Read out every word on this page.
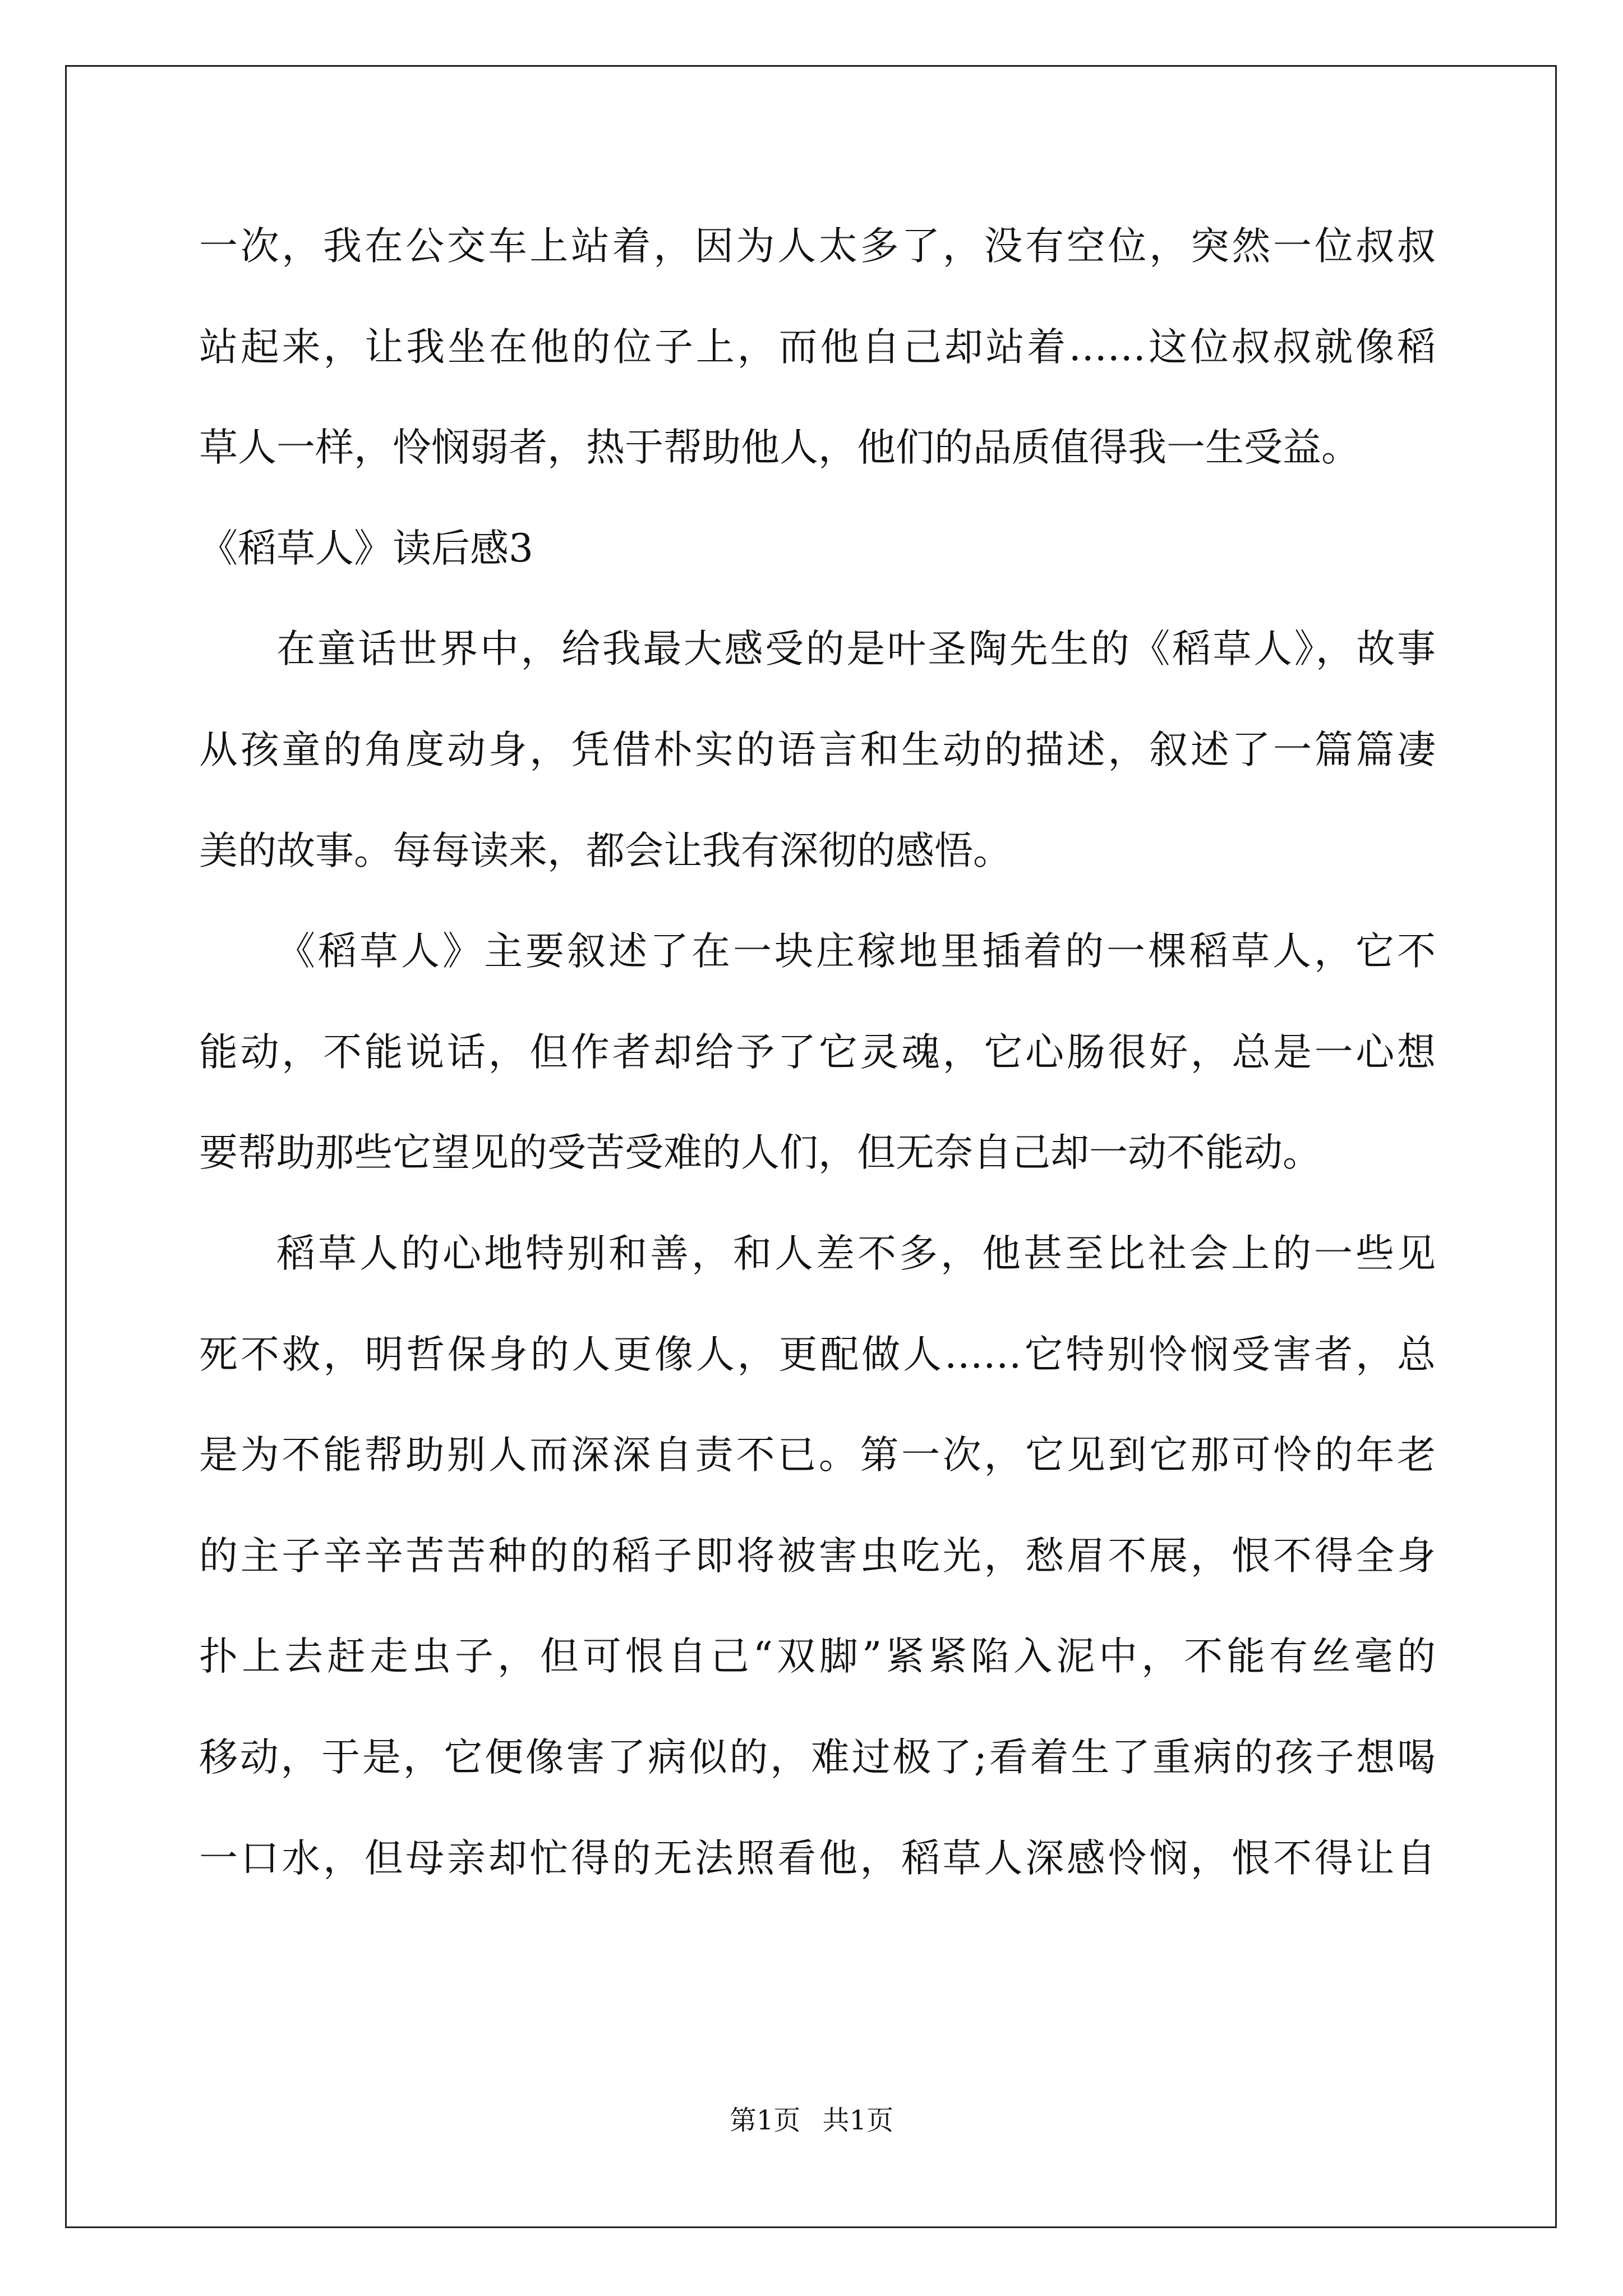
一次，我在公交车上站着，因为人太多了，没有空位，突然一位叔叔
站起来，让我坐在他的位子上，而他自己却站着……这位叔叔就像稻
草人一样，怜悯弱者，热于帮助他人，他们的品质值得我一生受益。
《稻草人》读后感3
在童话世界中，给我最大感受的是叶圣陶先生的《稻草人》，故事
从孩童的角度动身，凭借朴实的语言和生动的描述，叙述了一篇篇凄
美的故事。每每读来，都会让我有深彻的感悟。
《稻草人》主要叙述了在一块庄稼地里插着的一棵稻草人，它不
能动，不能说话，但作者却给予了它灵魂，它心肠很好，总是一心想
要帮助那些它望见的受苦受难的人们，但无奈自己却一动不能动。
稻草人的心地特别和善，和人差不多，他甚至比社会上的一些见
死不救，明哲保身的人更像人，更配做人……它特别怜悯受害者，总
是为不能帮助别人而深深自责不已。第一次，它见到它那可怜的年老
的主子辛辛苦苦种的的稻子即将被害虫吃光，愁眉不展，恨不得全身
扑上去赶走虫子，但可恨自己“双脚”紧紧陷入泥中，不能有丝毫的
移动，于是，它便像害了病似的，难过极了;看着生了重病的孩子想喝
一口水，但母亲却忙得的无法照看他，稻草人深感怜悯，恨不得让自
第1页 共1页
